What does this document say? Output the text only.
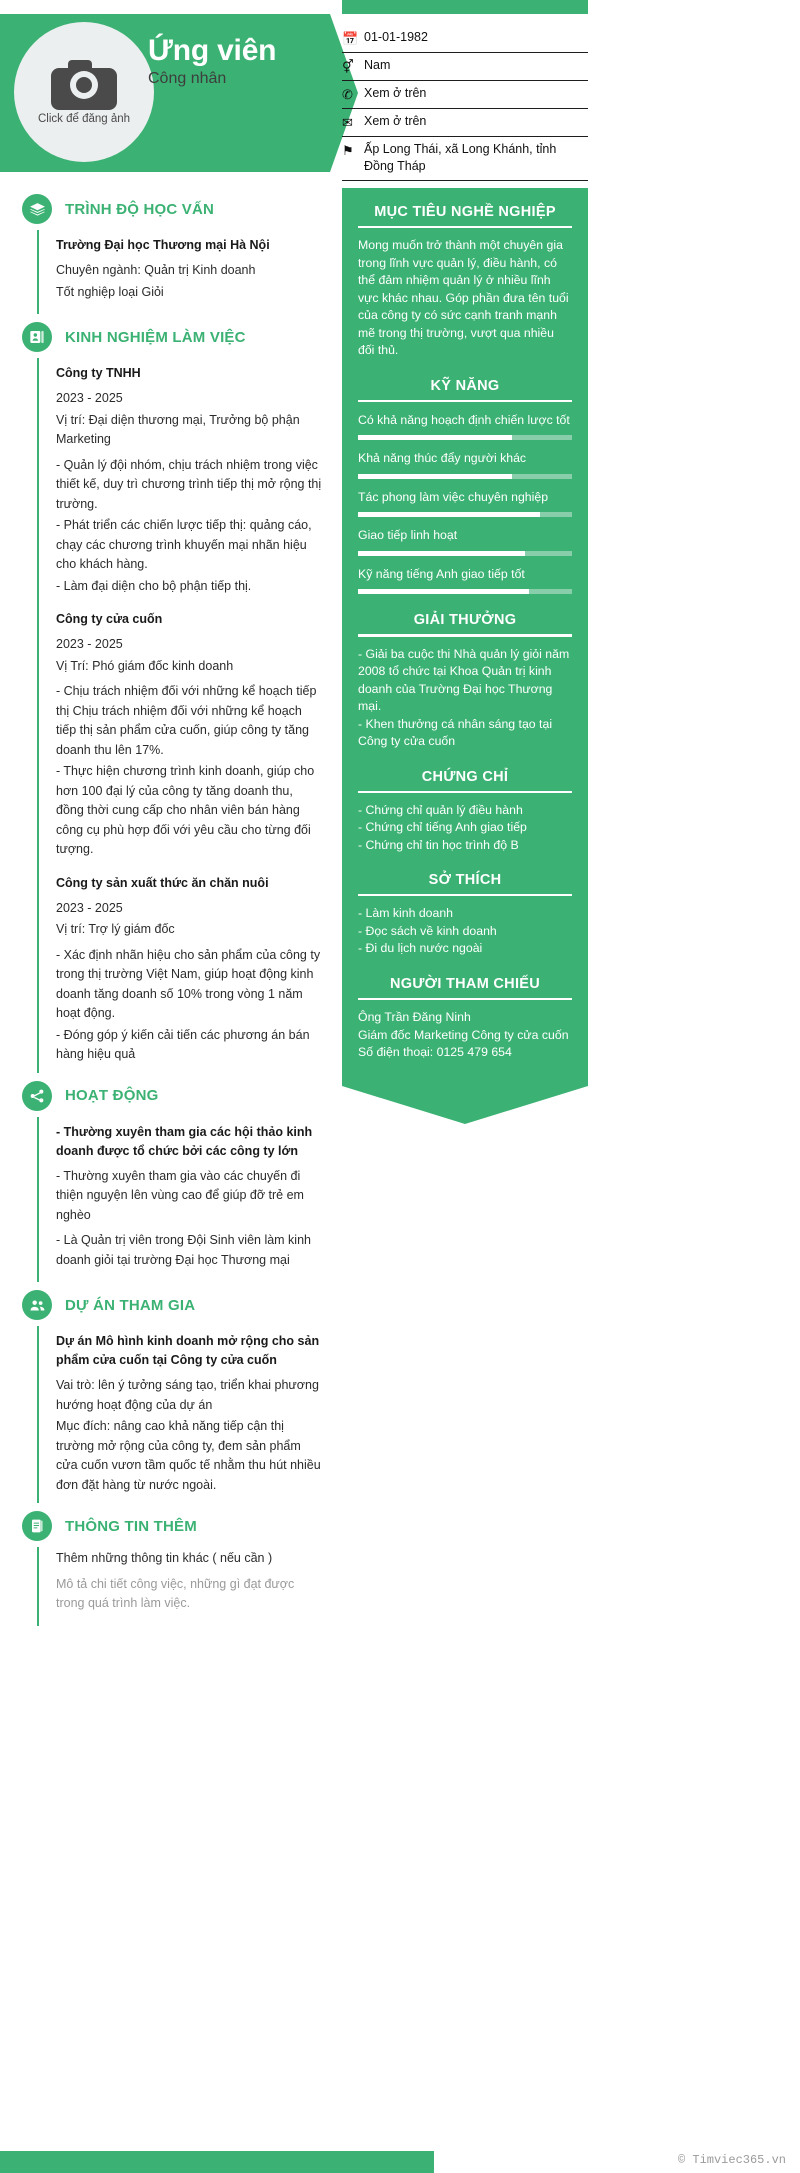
Click để đăng ảnh
Ứng viên
Công nhân
📅 01-01-1982
⚥ Nam
✆ Xem ở trên
✉ Xem ở trên
⚑ Ấp Long Thái, xã Long Khánh, tỉnh Đồng Tháp
MỤC TIÊU NGHỀ NGHIỆP
Mong muốn trở thành một chuyên gia trong lĩnh vực quản lý, điều hành, có thể đảm nhiệm quản lý ở nhiều lĩnh vực khác nhau. Góp phần đưa tên tuổi của công ty có sức cạnh tranh mạnh mẽ trong thị trường, vượt qua nhiều đối thủ.
KỸ NĂNG
Có khả năng hoạch định chiến lược tốt
Khả năng thúc đẩy người khác
Tác phong làm việc chuyên nghiệp
Giao tiếp linh hoạt
Kỹ năng tiếng Anh giao tiếp tốt
GIẢI THƯỞNG
- Giải ba cuộc thi Nhà quản lý giỏi năm 2008 tổ chức tại Khoa Quản trị kinh doanh của Trường Đại học Thương mại.
- Khen thưởng cá nhân sáng tạo tại Công ty cửa cuốn
CHỨNG CHỈ
- Chứng chỉ quản lý điều hành
- Chứng chỉ tiếng Anh giao tiếp
- Chứng chỉ tin học trình độ B
SỞ THÍCH
- Làm kinh doanh
- Đọc sách về kinh doanh
- Đi du lịch nước ngoài
NGƯỜI THAM CHIẾU
Ông Trần Đăng Ninh
Giám đốc Marketing Công ty cửa cuốn
Số điện thoại: 0125 479 654
TRÌNH ĐỘ HỌC VẤN
Trường Đại học Thương mại Hà Nội
Chuyên ngành: Quản trị Kinh doanh
Tốt nghiệp loại Giỏi
KINH NGHIỆM LÀM VIỆC
Công ty TNHH
2023 - 2025
Vị trí: Đại diện thương mại, Trưởng bộ phận Marketing
- Quản lý đội nhóm, chịu trách nhiệm trong việc thiết kế, duy trì chương trình tiếp thị mở rộng thị trường.
- Phát triển các chiến lược tiếp thị: quảng cáo, chạy các chương trình khuyến mại nhãn hiệu cho khách hàng.
- Làm đại diện cho bộ phận tiếp thị.
Công ty cửa cuốn
2023 - 2025
Vị Trí: Phó giám đốc kinh doanh
- Chịu trách nhiệm đối với những kể hoạch tiếp thị Chịu trách nhiệm đối với những kể hoạch tiếp thị sản phẩm cửa cuốn, giúp công ty tăng doanh thu lên 17%.
- Thực hiện chương trình kinh doanh, giúp cho hơn 100 đại lý của công ty tăng doanh thu, đồng thời cung cấp cho nhân viên bán hàng công cụ phù hợp đối với yêu cầu cho từng đối tượng.
Công ty sản xuất thức ăn chăn nuôi
2023 - 2025
Vị trí: Trợ lý giám đốc
- Xác định nhãn hiệu cho sản phẩm của công ty trong thị trường Việt Nam, giúp hoạt động kinh doanh tăng doanh số 10% trong vòng 1 năm hoạt động.
- Đóng góp ý kiến cải tiến các phương án bán hàng hiệu quả
HOẠT ĐỘNG
- Thường xuyên tham gia các hội thảo kinh doanh được tổ chức bởi các công ty lớn
- Thường xuyên tham gia vào các chuyến đi thiện nguyện lên vùng cao để giúp đỡ trẻ em nghèo
- Là Quản trị viên trong Đội Sinh viên làm kinh doanh giỏi tại trường Đại học Thương mại
DỰ ÁN THAM GIA
Dự án Mô hình kinh doanh mở rộng cho sản phẩm cửa cuốn tại Công ty cửa cuốn
Vai trò: lên ý tưởng sáng tạo, triển khai phương hướng hoạt động của dự án
Mục đích: nâng cao khả năng tiếp cận thị trường mở rộng của công ty, đem sản phẩm cửa cuốn vươn tầm quốc tế nhằm thu hút nhiều đơn đặt hàng từ nước ngoài.
THÔNG TIN THÊM
Thêm những thông tin khác ( nếu cần )
Mô tả chi tiết công việc, những gì đạt được trong quá trình làm việc.
© Timviec365.vn
